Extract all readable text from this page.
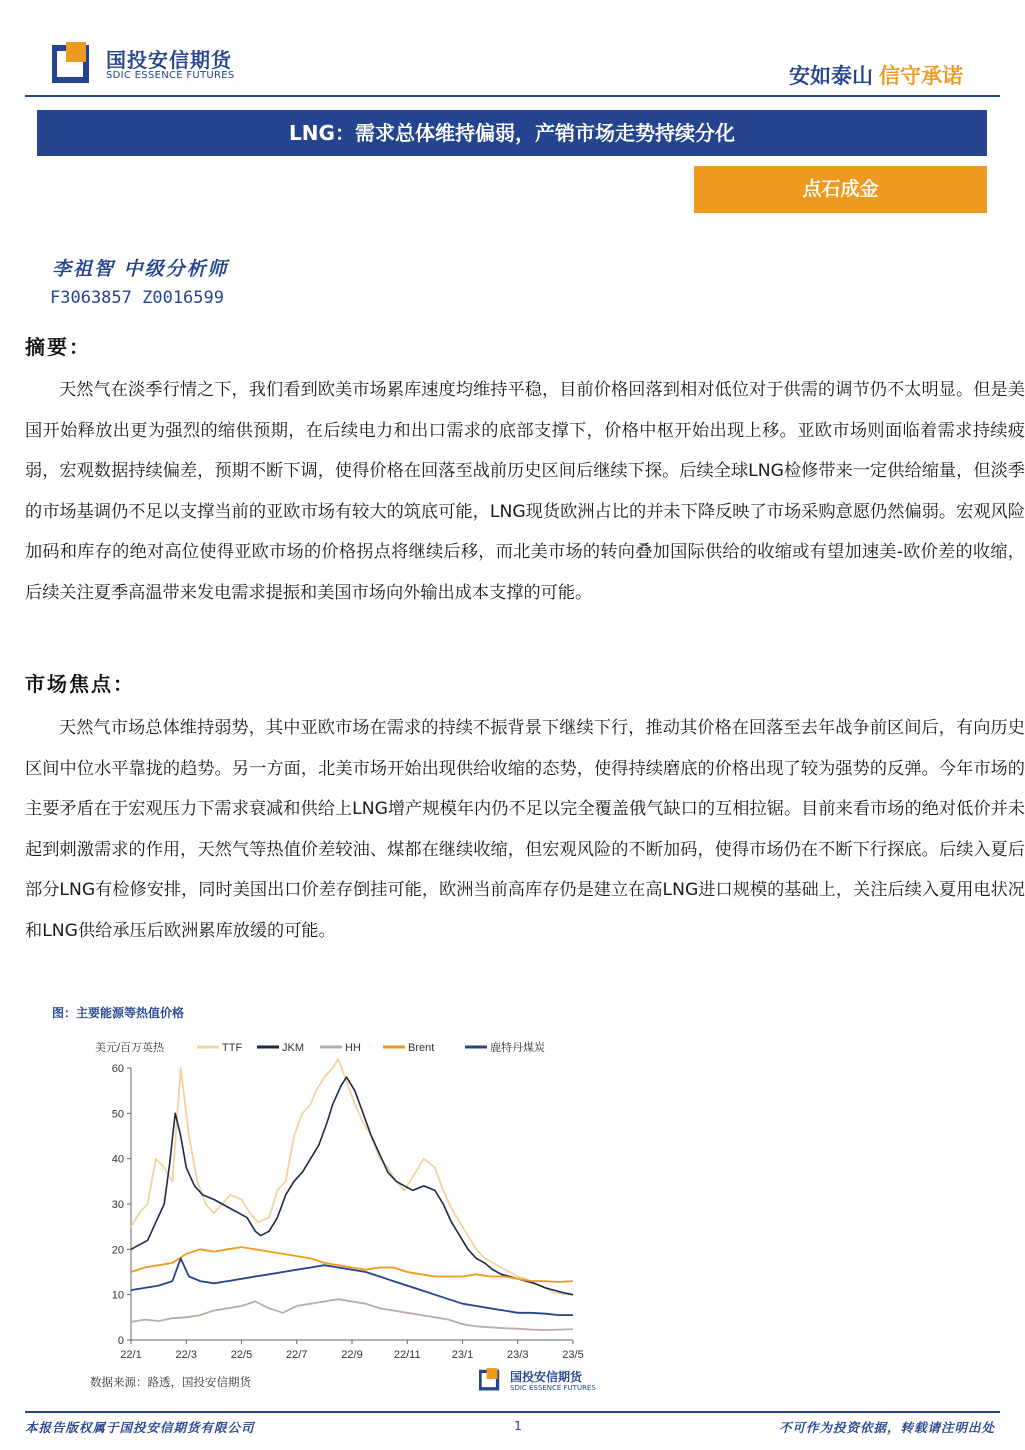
国投安信期货
SDIC ESSENCE FUTURES	安如泰山 信守承诺
LNG：需求总体维持偏弱，产销市场走势持续分化
点石成金
李祖智 中级分析师
F3063857 Z0016599
摘要：

天然气在淡季行情之下，我们看到欧美市场累库速度均维持平稳，目前价格回落到相对低位对于供需的调节仍不太明显。但是美国开始释放出更为强烈的缩供预期，在后续电力和出口需求的底部支撑下，价格中枢开始出现上移。亚欧市场则面临着需求持续疲弱，宏观数据持续偏差，预期不断下调，使得价格在回落至战前历史区间后继续下探。后续全球LNG检修带来一定供给缩量，但淡季的市场基调仍不足以支撑当前的亚欧市场有较大的筑底可能，LNG现货欧洲占比的并未下降反映了市场采购意愿仍然偏弱。宏观风险加码和库存的绝对高位使得亚欧市场的价格拐点将继续后移，而北美市场的转向叠加国际供给的收缩或有望加速美-欧价差的收缩，后续关注夏季高温带来发电需求提振和美国市场向外输出成本支撑的可能。

市场焦点：

天然气市场总体维持弱势，其中亚欧市场在需求的持续不振背景下继续下行，推动其价格在回落至去年战争前区间后，有向历史区间中位水平靠拢的趋势。另一方面，北美市场开始出现供给收缩的态势，使得持续磨底的价格出现了较为强势的反弹。今年市场的主要矛盾在于宏观压力下需求衰减和供给上LNG增产规模年内仍不足以完全覆盖俄气缺口的互相拉锯。目前来看市场的绝对低价并未起到刺激需求的作用，天然气等热值价差较油、煤都在继续收缩，但宏观风险的不断加码，使得市场仍在不断下行探底。后续入夏后部分LNG有检修安排，同时美国出口价差存倒挂可能，欧洲当前高库存仍是建立在高LNG进口规模的基础上，关注后续入夏用电状况和LNG供给承压后欧洲累库放缓的可能。

图：主要能源等热值价格
美元/百万英热	TTF	JKM	HH	Brent	鹿特丹煤炭
0
10
20
30
40
50
60
22/1	22/3	22/5	22/7	22/9	22/11	23/1	23/3	23/5
数据来源：路透，国投安信期货	国投安信期货
SDIC ESSENCE FUTURES
本报告版权属于国投安信期货有限公司	1	不可作为投资依据，转载请注明出处
